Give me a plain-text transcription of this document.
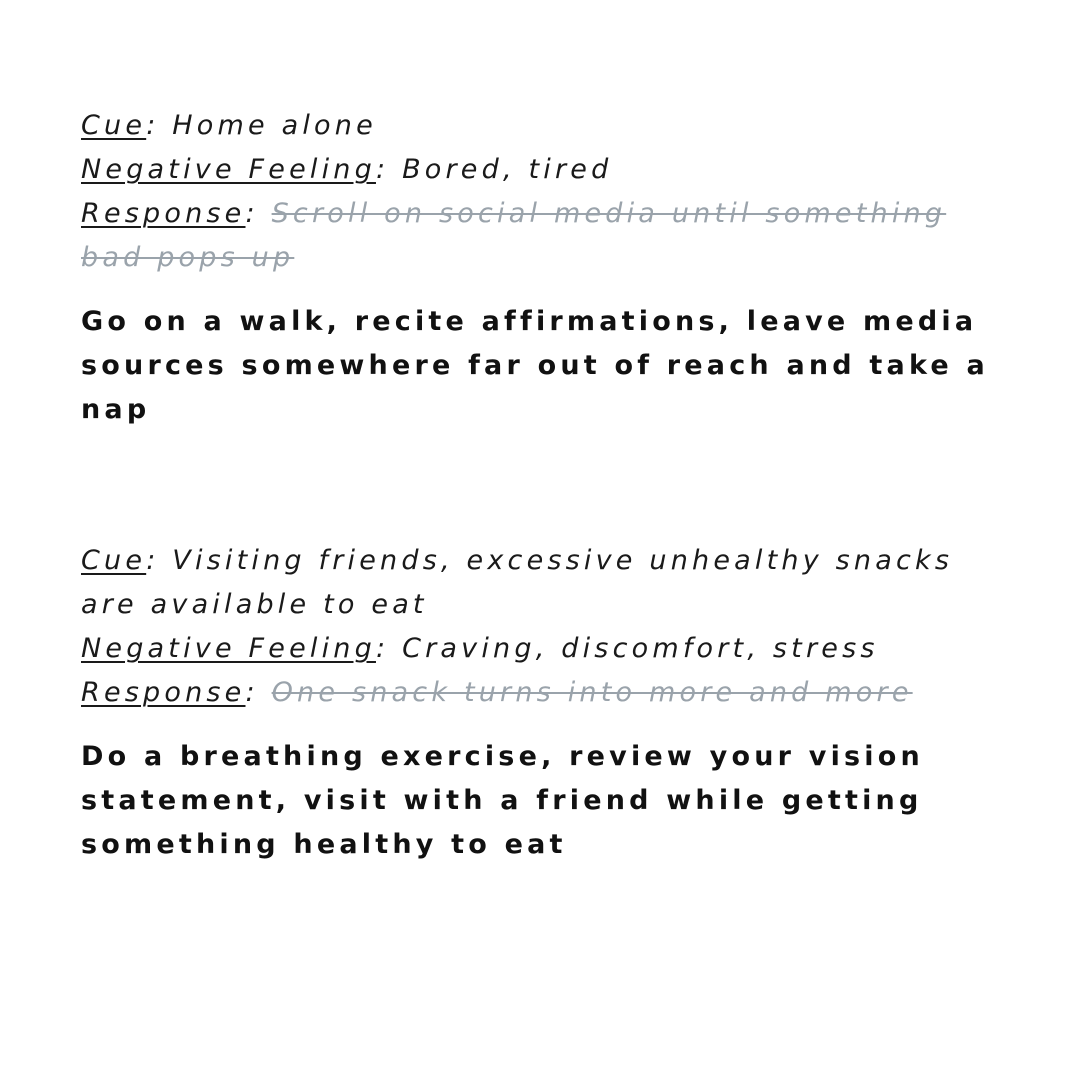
Cue: Home alone
Negative Feeling: Bored, tired
Response: Scroll on social media until something bad pops up
Go on a walk, recite affirmations, leave media sources somewhere far out of reach and take a nap
Cue: Visiting friends, excessive unhealthy snacks are available to eat
Negative Feeling: Craving, discomfort, stress
Response: One snack turns into more and more
Do a breathing exercise, review your vision statement, visit with a friend while getting something healthy to eat
